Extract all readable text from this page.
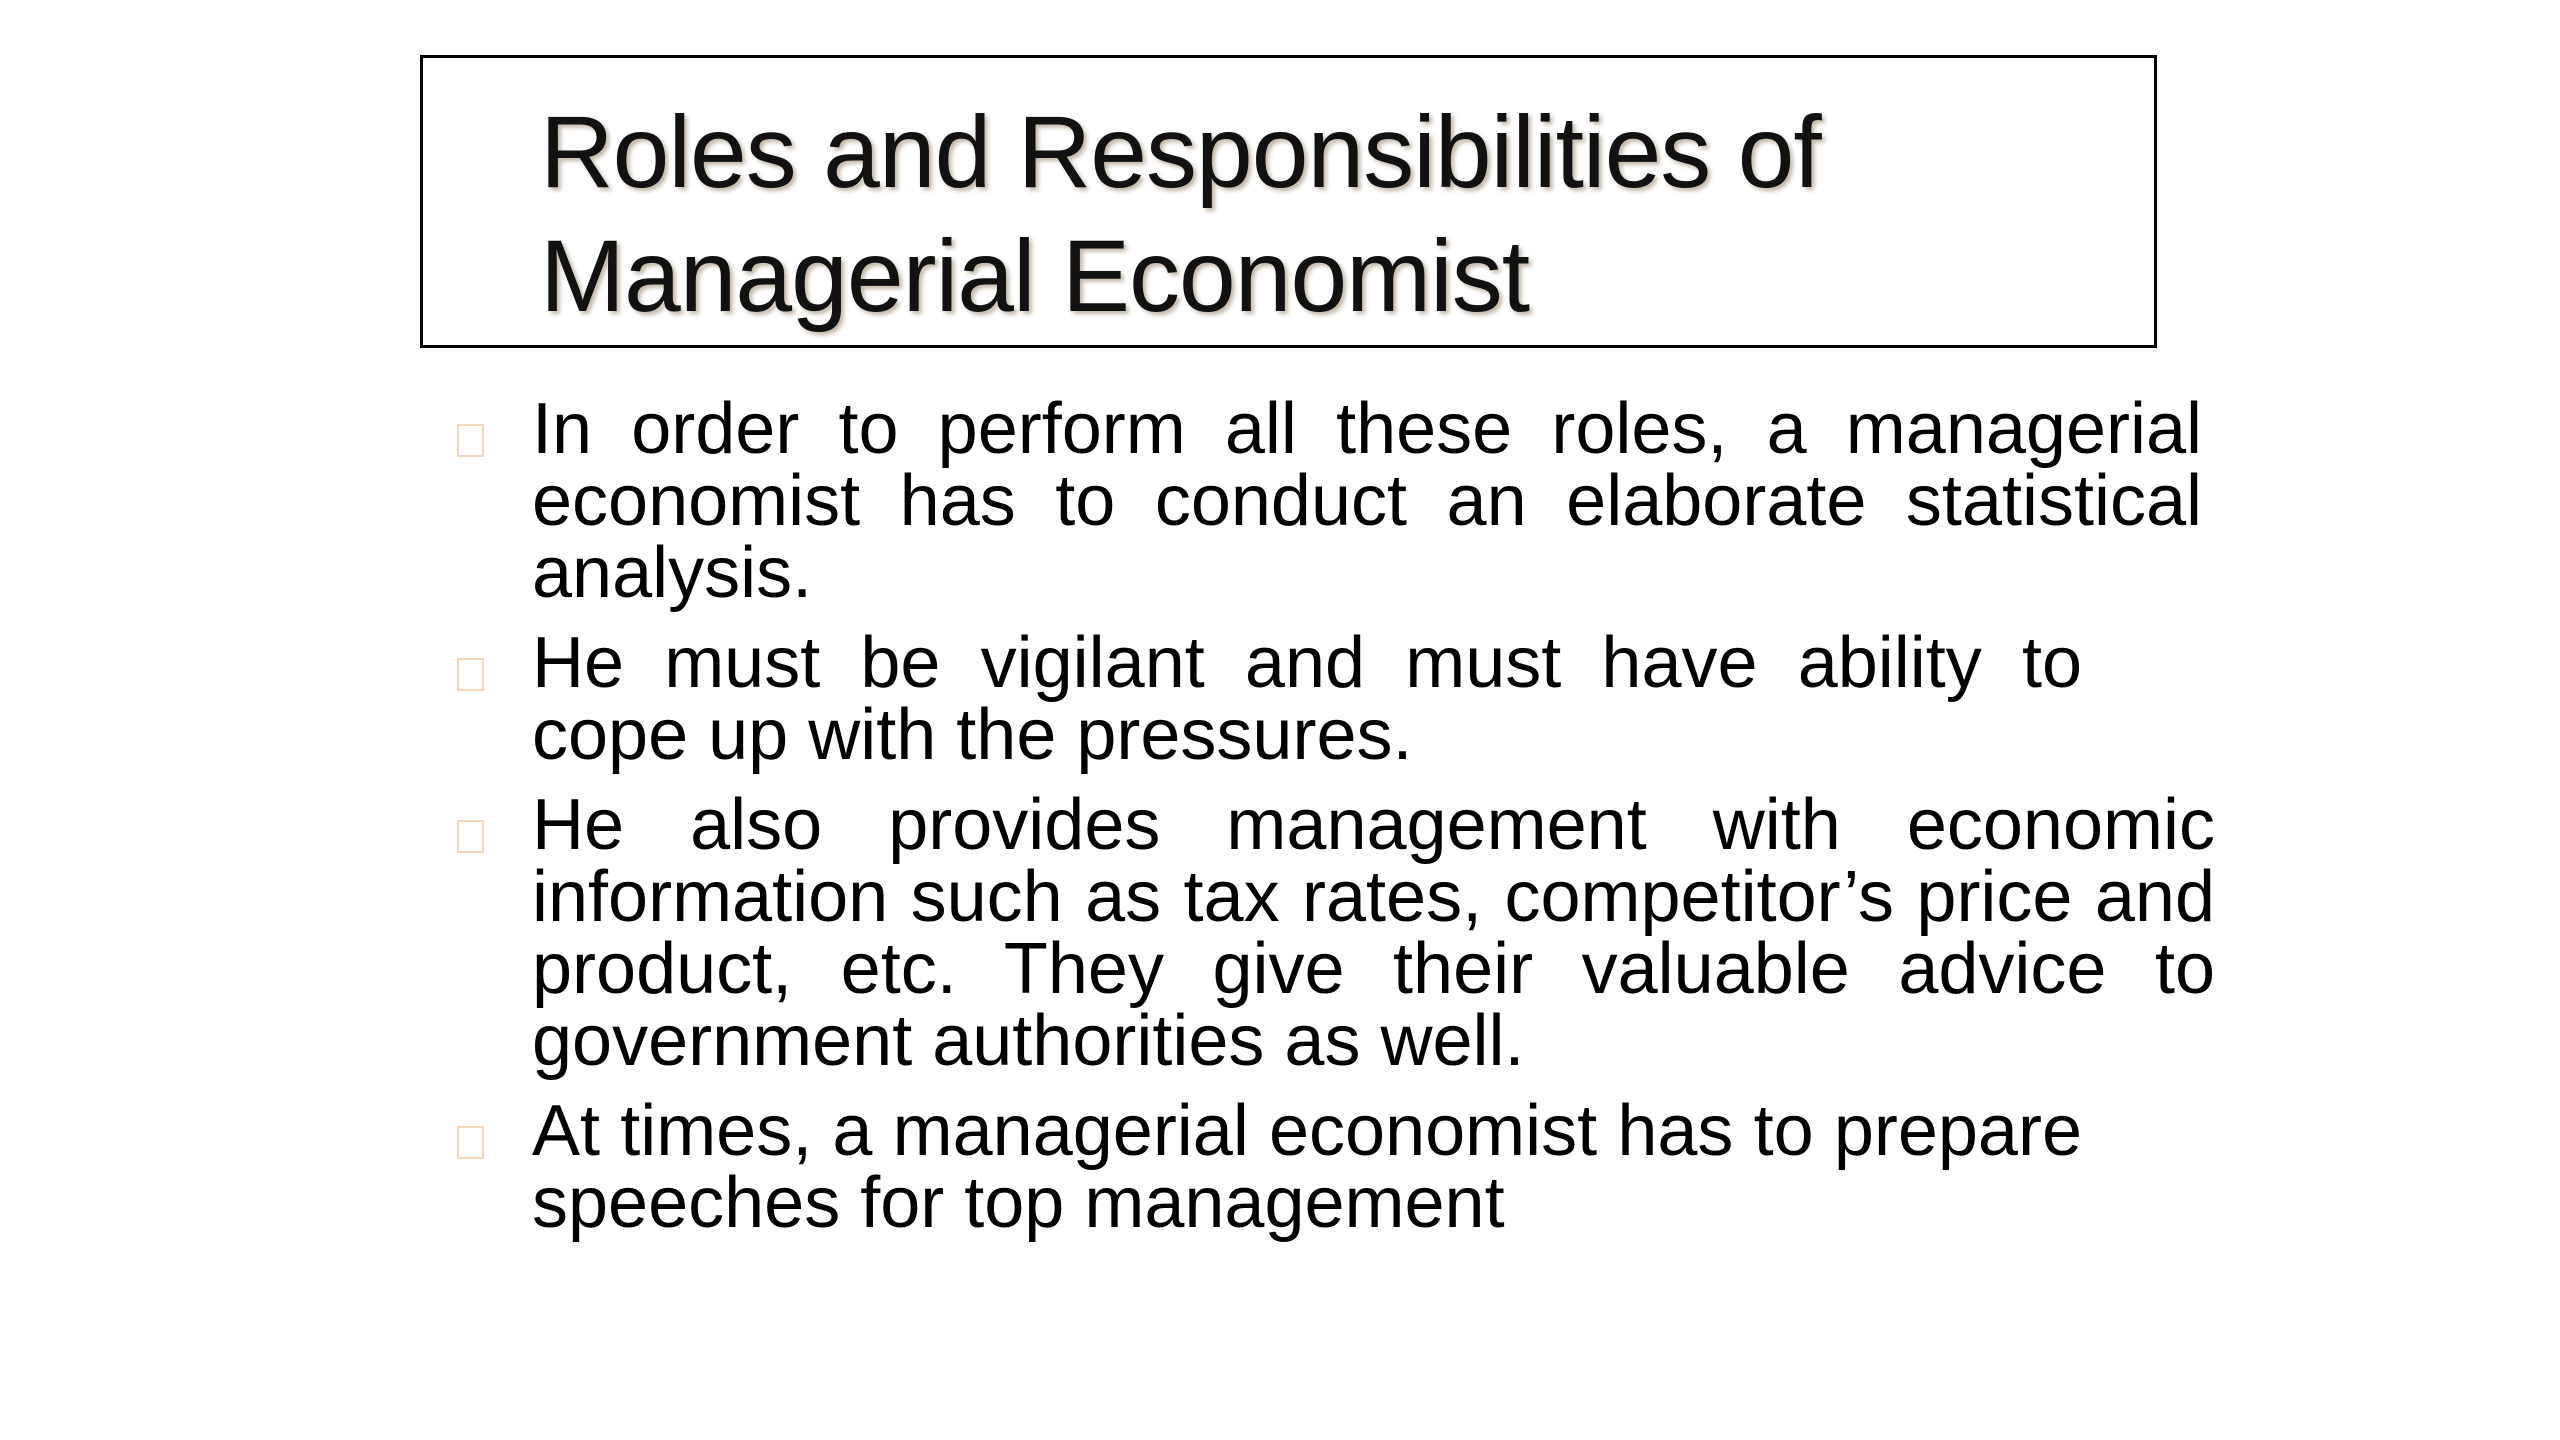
Roles and Responsibilities of Managerial Economist
In order to perform all these roles, a managerial economist has to conduct an elaborate statistical analysis.
He must be vigilant and must have ability to cope up with the pressures.
He also provides management with economic information such as tax rates, competitor’s price and product, etc. They give their valuable advice to government authorities as well.
At times, a managerial economist has to prepare speeches for top management
